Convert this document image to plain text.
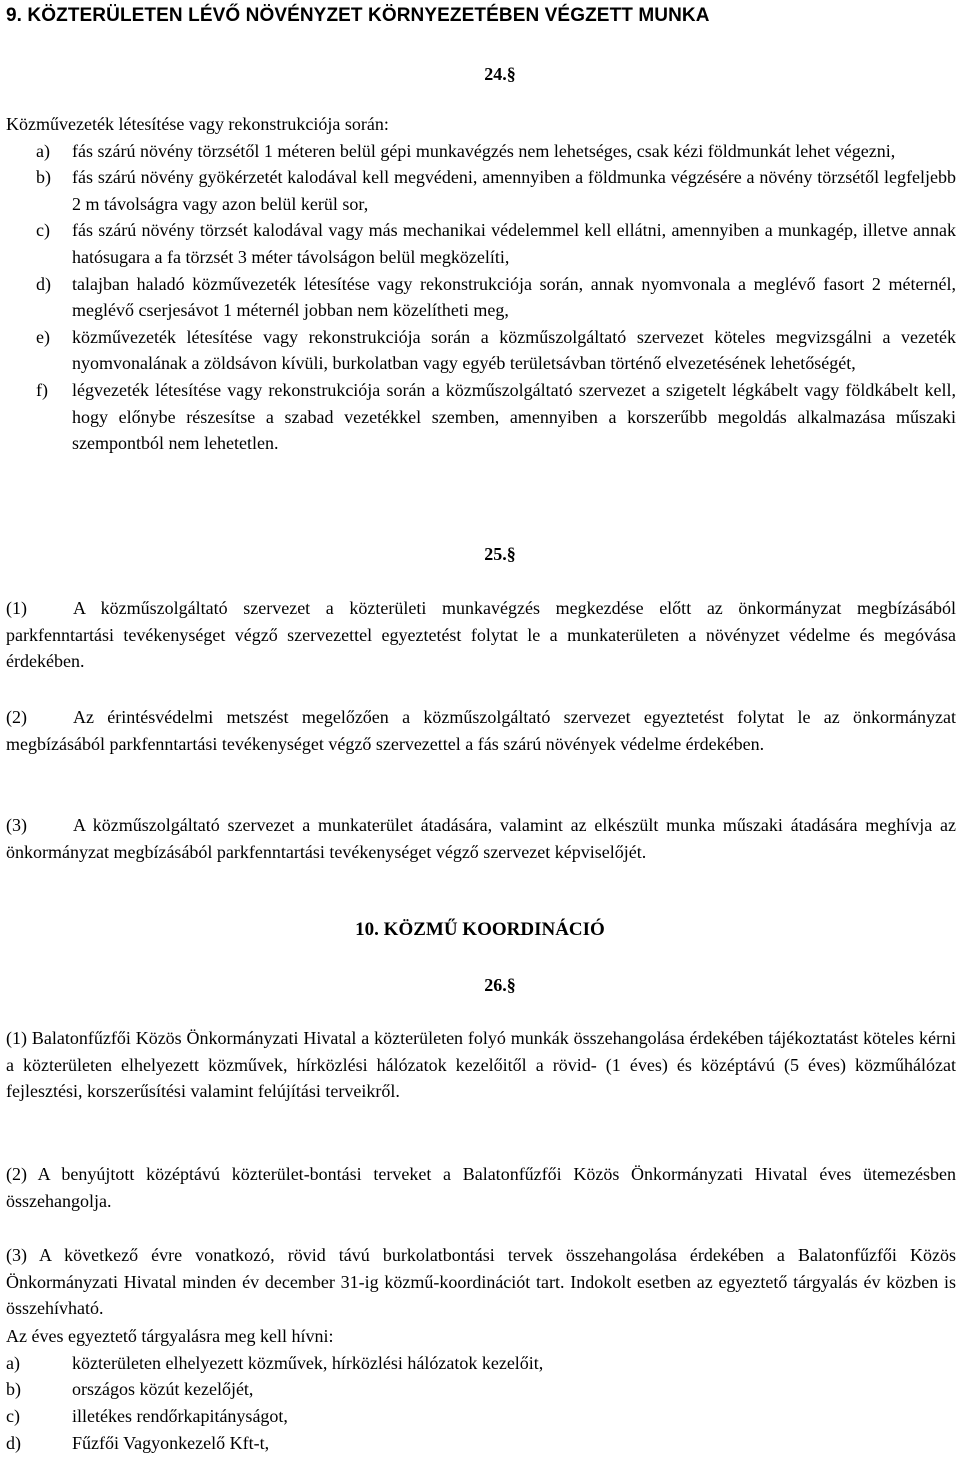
9. KÖZTERÜLETEN LÉVŐ NÖVÉNYZET KÖRNYEZETÉBEN VÉGZETT MUNKA
24.§
Közművezeték létesítése vagy rekonstrukciója során:
a) fás szárú növény törzsétől 1 méteren belül gépi munkavégzés nem lehetséges, csak kézi földmunkát lehet végezni,
b) fás szárú növény gyökérzetét kalodával kell megvédeni, amennyiben a földmunka végzésére a növény törzsétől legfeljebb 2 m távolságra vagy azon belül kerül sor,
c) fás szárú növény törzsét kalodával vagy más mechanikai védelemmel kell ellátni, amennyiben a munkagép, illetve annak hatósugara a fa törzsét 3 méter távolságon belül megközelíti,
d) talajban haladó közművezeték létesítése vagy rekonstrukciója során, annak nyomvonala a meglévő fasort 2 méternél, meglévő cserjesávot 1 méternél jobban nem közelítheti meg,
e) közművezeték létesítése vagy rekonstrukciója során a közműszolgáltató szervezet köteles megvizsgálni a vezeték nyomvonalának a zöldsávon kívüli, burkolatban vagy egyéb területsávban történő elvezetésének lehetőségét,
f) légvezeték létesítése vagy rekonstrukciója során a közműszolgáltató szervezet a szigetelt légkábelt vagy földkábelt kell, hogy előnybe részesítse a szabad vezetékkel szemben, amennyiben a korszerűbb megoldás alkalmazása műszaki szempontból nem lehetetlen.
25.§
(1)	A közműszolgáltató szervezet a közterületi munkavégzés megkezdése előtt az önkormányzat megbízásából parkfenntartási tevékenységet végző szervezettel egyeztetést folytat le a munkaterületen a növényzet védelme és megóvása érdekében.
(2)	Az érintésvédelmi metszést megelőzően a közműszolgáltató szervezet egyeztetést folytat le az önkormányzat megbízásából parkfenntartási tevékenységet végző szervezettel a fás szárú növények védelme érdekében.
(3)	A közműszolgáltató szervezet a munkaterület átadására, valamint az elkészült munka műszaki átadására meghívja az önkormányzat megbízásából parkfenntartási tevékenységet végző szervezet képviselőjét.
10. KÖZMŰ KOORDINÁCIÓ
26.§
(1) Balatonfűzfői Közös Önkormányzati Hivatal a közterületen folyó munkák összehangolása érdekében tájékoztatást köteles kérni a közterületen elhelyezett közművek, hírközlési hálózatok kezelőitől a rövid- (1 éves) és középtávú (5 éves) közműhálózat fejlesztési, korszerűsítési valamint felújítási terveikről.
(2) A benyújtott középtávú közterület-bontási terveket a Balatonfűzfői Közös Önkormányzati Hivatal éves ütemezésben összehangolja.
(3) A következő évre vonatkozó, rövid távú burkolatbontási tervek összehangolása érdekében a Balatonfűzfői Közös Önkormányzati Hivatal minden év december 31-ig közmű-koordinációt tart. Indokolt esetben az egyeztető tárgyalás év közben is összehívható.
Az éves egyeztető tárgyalásra meg kell hívni:
a)	közterületen elhelyezett közművek, hírközlési hálózatok kezelőit,
b)	országos közút kezelőjét,
c)	illetékes rendőrkapitányságot,
d)	Fűzfői Vagyonkezelő Kft-t,
